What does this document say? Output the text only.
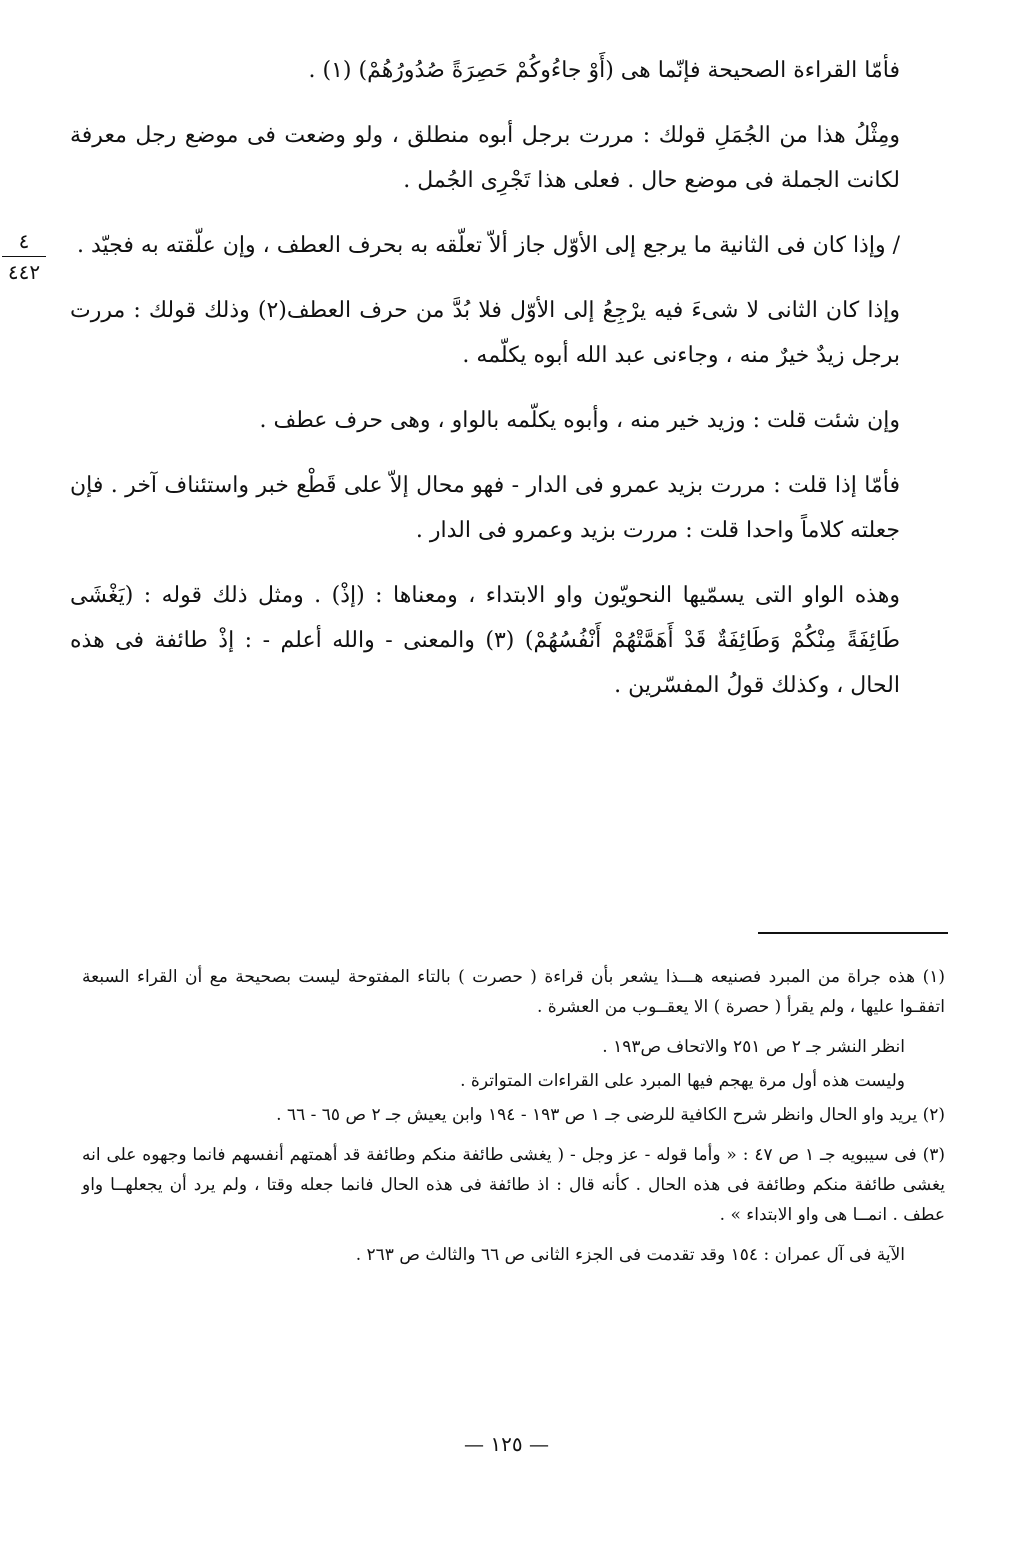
٤
٤٤٢

فأمّا القراءة الصحيحة فإنّما هى (أَوْ جاءُوكُمْ حَصِرَةً صُدُورُهُمْ) (١) .

ومِثْلُ هذا من الجُمَلِ قولك : مررت برجل أبوه منطلق ، ولو وضعت فى موضع رجل معرفة لكانت الجملة فى موضع حال . فعلى هذا تَجْرِى الجُمل .

/ وإذا كان فى الثانية ما يرجع إلى الأوّل جاز ألاّ تعلّقه به بحرف العطف ، وإن علّقته به فجيّد .

وإذا كان الثانى لا شىءَ فيه يرْجِعُ إلى الأوّل فلا بُدَّ من حرف العطف(٢) وذلك قولك : مررت برجل زيدٌ خيرٌ منه ، وجاءنى عبد الله أبوه يكلّمه .

وإن شئت قلت : وزيد خير منه ، وأبوه يكلّمه بالواو ، وهى حرف عطف .

فأمّا إذا قلت : مررت بزيد عمرو فى الدار - فهو محال إلاّ على قَطْع خبر واستئناف آخر . فإن جعلته كلاماً واحدا قلت : مررت بزيد وعمرو فى الدار .

وهذه الواو التى يسمّيها النحويّون واو الابتداء ، ومعناها : (إذْ) . ومثل ذلك قوله : (يَغْشَى طَائِفَةً مِنْكُمْ وَطَائِفَةٌ قَدْ أَهَمَّتْهُمْ أَنْفُسُهُمْ) (٣) والمعنى - والله أعلم - : إذْ طائفة فى هذه الحال ، وكذلك قولُ المفسّرين .

(١) هذه جراة من المبرد فصنيعه هـــذا يشعر بأن قراءة ( حصرت ) بالتاء المفتوحة ليست بصحيحة مع أن القراء السبعة اتفقـوا عليها ، ولم يقرأ ( حصرة ) الا يعقــوب من العشرة .

انظر النشر جـ ٢ ص ٢٥١ والاتحاف ص١٩٣ .

وليست هذه أول مرة يهجم فيها المبرد على القراءات المتواترة .

(٢) يريد واو الحال وانظر شرح الكافية للرضى جـ ١ ص ١٩٣ - ١٩٤ وابن يعيش جـ ٢ ص ٦٥ - ٦٦ .

(٣) فى سيبويه جـ ١ ص ٤٧ : « وأما قوله - عز وجل - ( يغشى طائفة منكم وطائفة قد أهمتهم أنفسهم فانما وجهوه على انه يغشى طائفة منكم وطائفة فى هذه الحال . كأنه قال : اذ طائفة فى هذه الحال فانما جعله وقتا ، ولم يرد أن يجعلهــا واو عطف . انمــا هى واو الابتداء » .

الآية فى آل عمران : ١٥٤ وقد تقدمت فى الجزء الثانى ص ٦٦ والثالث ص ٢٦٣ .

— ١٢٥ —
